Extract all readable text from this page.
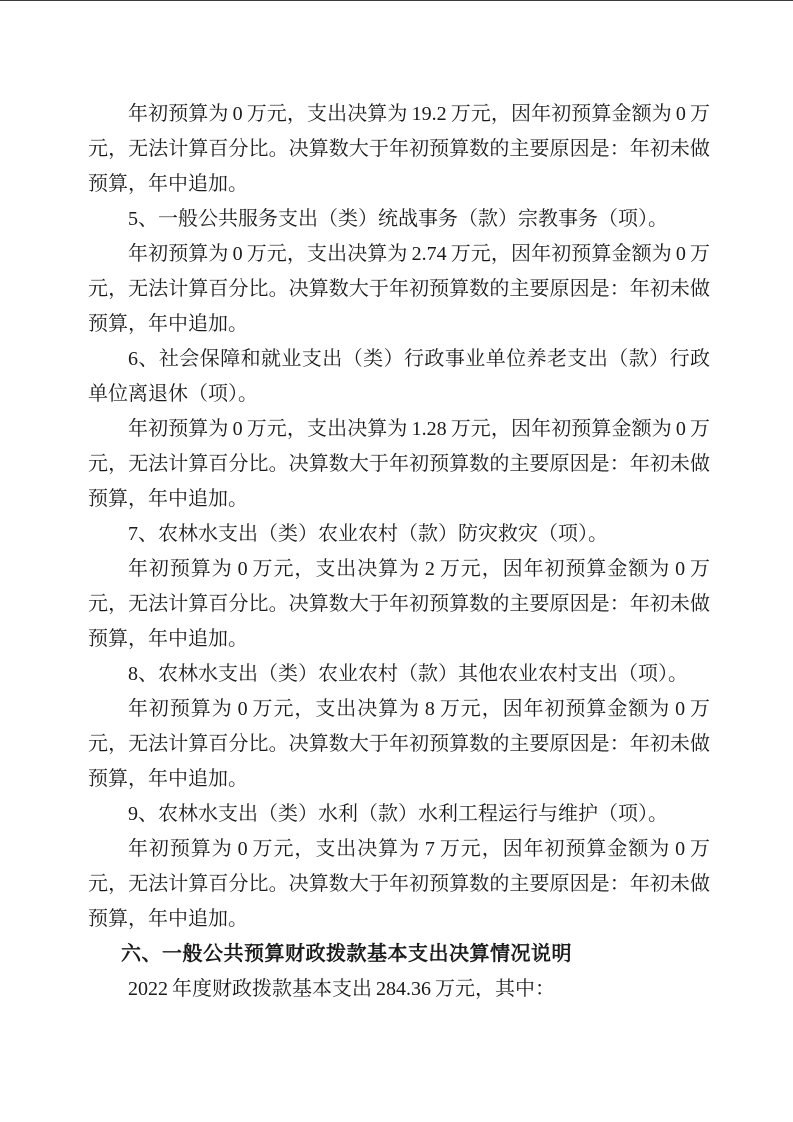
年初预算为 0 万元，支出决算为 19.2 万元，因年初预算金额为 0 万元，无法计算百分比。决算数大于年初预算数的主要原因是：年初未做预算，年中追加。

5、一般公共服务支出（类）统战事务（款）宗教事务（项）。

年初预算为 0 万元，支出决算为 2.74 万元，因年初预算金额为 0 万元，无法计算百分比。决算数大于年初预算数的主要原因是：年初未做预算，年中追加。

6、社会保障和就业支出（类）行政事业单位养老支出（款）行政单位离退休（项）。

年初预算为 0 万元，支出决算为 1.28 万元，因年初预算金额为 0 万元，无法计算百分比。决算数大于年初预算数的主要原因是：年初未做预算，年中追加。

7、农林水支出（类）农业农村（款）防灾救灾（项）。

年初预算为 0 万元，支出决算为 2 万元，因年初预算金额为 0 万元，无法计算百分比。决算数大于年初预算数的主要原因是：年初未做预算，年中追加。

8、农林水支出（类）农业农村（款）其他农业农村支出（项）。

年初预算为 0 万元，支出决算为 8 万元，因年初预算金额为 0 万元，无法计算百分比。决算数大于年初预算数的主要原因是：年初未做预算，年中追加。

9、农林水支出（类）水利（款）水利工程运行与维护（项）。

年初预算为 0 万元，支出决算为 7 万元，因年初预算金额为 0 万元，无法计算百分比。决算数大于年初预算数的主要原因是：年初未做预算，年中追加。

六、一般公共预算财政拨款基本支出决算情况说明

2022 年度财政拨款基本支出 284.36 万元，其中：
